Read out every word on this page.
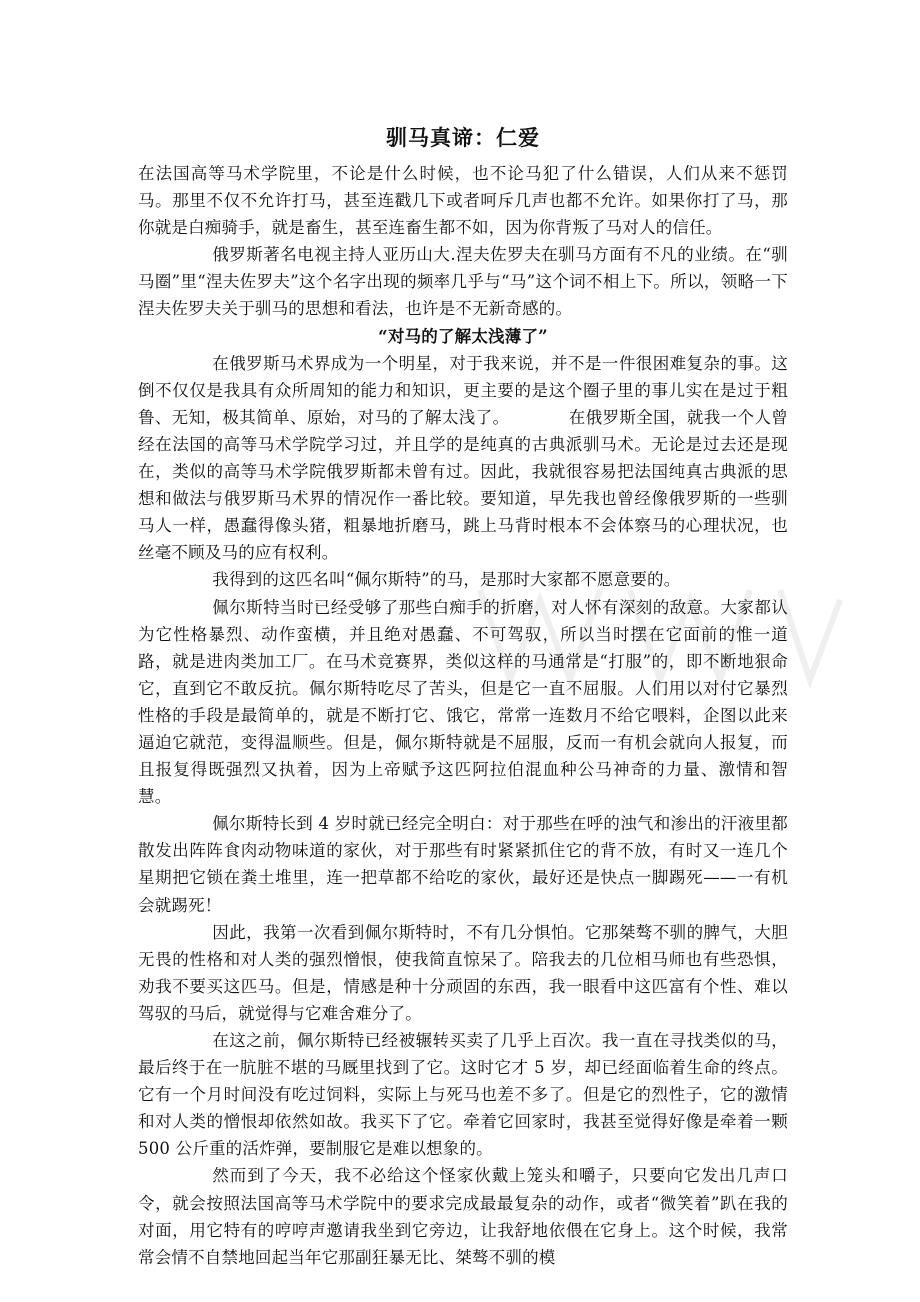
驯马真谛：仁爱

在法国高等马术学院里，不论是什么时候，也不论马犯了什么错误，人们从来不惩罚马。那里不仅不允许打马，甚至连戳几下或者呵斥几声也都不允许。如果你打了马，那你就是白痴骑手，就是畜生，甚至连畜生都不如，因为你背叛了马对人的信任。

俄罗斯著名电视主持人亚历山大.涅夫佐罗夫在驯马方面有不凡的业绩。在“驯马圈”里“涅夫佐罗夫”这个名字出现的频率几乎与“马”这个词不相上下。所以，领略一下涅夫佐罗夫关于驯马的思想和看法，也许是不无新奇感的。

“对马的了解太浅薄了”

在俄罗斯马术界成为一个明星，对于我来说，并不是一件很困难复杂的事。这倒不仅仅是我具有众所周知的能力和知识，更主要的是这个圈子里的事儿实在是过于粗鲁、无知，极其简单、原始，对马的了解太浅了。　　　　在俄罗斯全国，就我一个人曾经在法国的高等马术学院学习过，并且学的是纯真的古典派驯马术。无论是过去还是现在，类似的高等马术学院俄罗斯都未曾有过。因此，我就很容易把法国纯真古典派的思想和做法与俄罗斯马术界的情况作一番比较。要知道，早先我也曾经像俄罗斯的一些驯马人一样，愚蠢得像头猪，粗暴地折磨马，跳上马背时根本不会体察马的心理状况，也丝毫不顾及马的应有权利。

我得到的这匹名叫“佩尔斯特”的马，是那时大家都不愿意要的。

佩尔斯特当时已经受够了那些白痴手的折磨，对人怀有深刻的敌意。大家都认为它性格暴烈、动作蛮横，并且绝对愚蠢、不可驾驭，所以当时摆在它面前的惟一道路，就是进肉类加工厂。在马术竞赛界，类似这样的马通常是“打服”的，即不断地狠命它，直到它不敢反抗。佩尔斯特吃尽了苦头，但是它一直不屈服。人们用以对付它暴烈性格的手段是最简单的，就是不断打它、饿它，常常一连数月不给它喂料，企图以此来逼迫它就范，变得温顺些。但是，佩尔斯特就是不屈服，反而一有机会就向人报复，而且报复得既强烈又执着，因为上帝赋予这匹阿拉伯混血种公马神奇的力量、激情和智慧。

佩尔斯特长到 4 岁时就已经完全明白：对于那些在呼的浊气和渗出的汗液里都散发出阵阵食肉动物味道的家伙，对于那些有时紧紧抓住它的背不放，有时又一连几个星期把它锁在粪土堆里，连一把草都不给吃的家伙，最好还是快点一脚踢死——一有机会就踢死！

因此，我第一次看到佩尔斯特时，不有几分惧怕。它那桀骜不驯的脾气，大胆无畏的性格和对人类的强烈憎恨，使我简直惊呆了。陪我去的几位相马师也有些恐惧，劝我不要买这匹马。但是，情感是种十分顽固的东西，我一眼看中这匹富有个性、难以驾驭的马后，就觉得与它难舍难分了。

在这之前，佩尔斯特已经被辗转买卖了几乎上百次。我一直在寻找类似的马，最后终于在一肮脏不堪的马厩里找到了它。这时它才 5 岁，却已经面临着生命的终点。它有一个月时间没有吃过饲料，实际上与死马也差不多了。但是它的烈性子，它的激情和对人类的憎恨却依然如故。我买下了它。牵着它回家时，我甚至觉得好像是牵着一颗 500 公斤重的活炸弹，要制服它是难以想象的。

然而到了今天，我不必给这个怪家伙戴上笼头和嚼子，只要向它发出几声口令，就会按照法国高等马术学院中的要求完成最最复杂的动作，或者“微笑着”趴在我的对面，用它特有的哼哼声邀请我坐到它旁边，让我舒地依偎在它身上。这个时候，我常常会情不自禁地回起当年它那副狂暴无比、桀骜不驯的模
